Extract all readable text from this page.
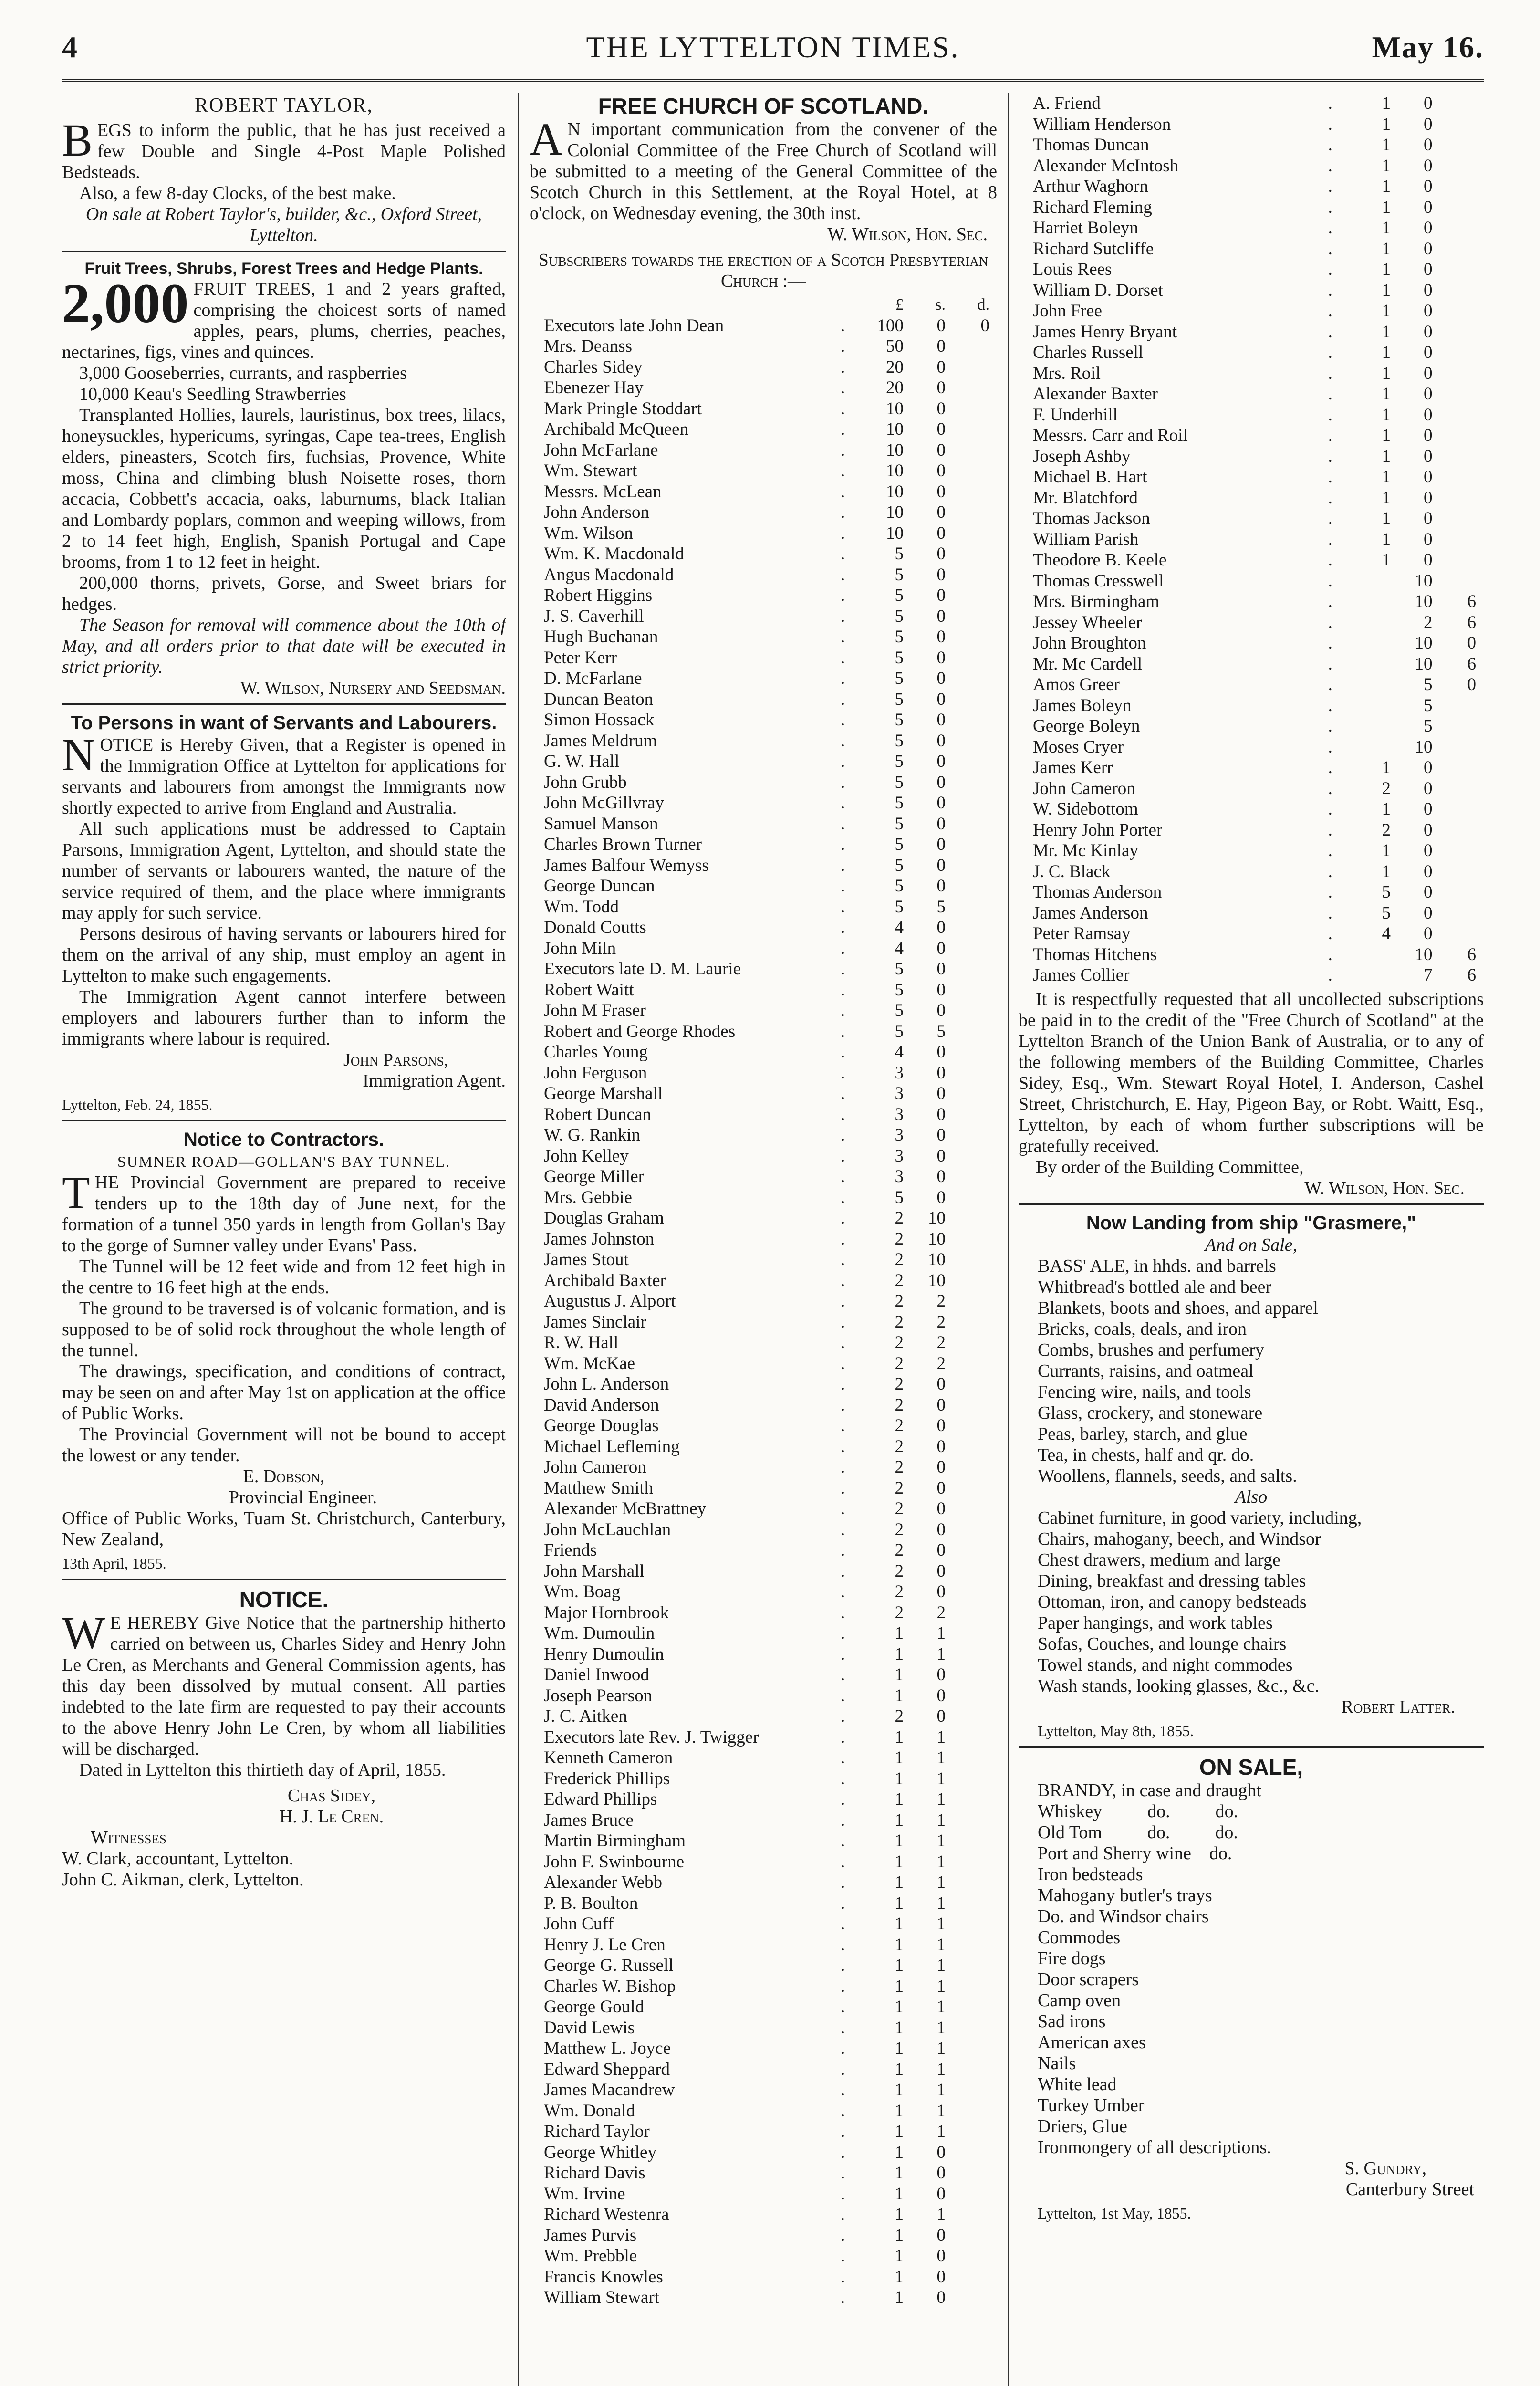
4	THE LYTTELTON TIMES.	May 16.
ROBERT TAYLOR,

BEGS to inform the public, that he has just received a few Double and Single 4-Post Maple Polished Bedsteads.

Also, a few 8-day Clocks, of the best make.

On sale at Robert Taylor's, builder, &c., Oxford Street, Lyttelton.

Fruit Trees, Shrubs, Forest Trees and Hedge Plants.

2,000 FRUIT TREES, 1 and 2 years grafted, comprising the choicest sorts of named apples, pears, plums, cherries, peaches, nectarines, figs, vines and quinces.

3,000 Gooseberries, currants, and raspberries

10,000 Keau's Seedling Strawberries

Transplanted Hollies, laurels, lauristinus, box trees, lilacs, honeysuckles, hypericums, syringas, Cape tea-trees, English elders, pineasters, Scotch firs, fuchsias, Provence, White moss, China and climbing blush Noisette roses, thorn accacia, Cobbett's accacia, oaks, laburnums, black Italian and Lombardy poplars, common and weeping willows, from 2 to 14 feet high, English, Spanish Portugal and Cape brooms, from 1 to 12 feet in height.

200,000 thorns, privets, Gorse, and Sweet briars for hedges.

The Season for removal will commence about the 10th of May, and all orders prior to that date will be executed in strict priority.

W. Wilson, Nursery and Seedsman.

To Persons in want of Servants and Labourers.

NOTICE is Hereby Given, that a Register is opened in the Immigration Office at Lyttelton for applications for servants and labourers from amongst the Immigrants now shortly expected to arrive from England and Australia.

All such applications must be addressed to Captain Parsons, Immigration Agent, Lyttelton, and should state the number of servants or labourers wanted, the nature of the service required of them, and the place where immigrants may apply for such service.

Persons desirous of having servants or labourers hired for them on the arrival of any ship, must employ an agent in Lyttelton to make such engagements.

The Immigration Agent cannot interfere between employers and labourers further than to inform the immigrants where labour is required.

John Parsons,

Immigration Agent.

Lyttelton, Feb. 24, 1855.
Notice to Contractors.
SUMNER ROAD—GOLLAN'S BAY TUNNEL.

THE Provincial Government are prepared to receive tenders up to the 18th day of June next, for the formation of a tunnel 350 yards in length from Gollan's Bay to the gorge of Sumner valley under Evans' Pass.

The Tunnel will be 12 feet wide and from 12 feet high in the centre to 16 feet high at the ends.

The ground to be traversed is of volcanic formation, and is supposed to be of solid rock throughout the whole length of the tunnel.

The drawings, specification, and conditions of contract, may be seen on and after May 1st on application at the office of Public Works.

The Provincial Government will not be bound to accept the lowest or any tender.

E. Dobson,

Provincial Engineer.

Office of Public Works, Tuam St. Christchurch, Canterbury, New Zealand,

13th April, 1855.
NOTICE.

WE HEREBY Give Notice that the partnership hitherto carried on between us, Charles Sidey and Henry John Le Cren, as Merchants and General Commission agents, has this day been dissolved by mutual consent. All parties indebted to the late firm are requested to pay their accounts to the above Henry John Le Cren, by whom all liabilities will be discharged.

Dated in Lyttelton this thirtieth day of April, 1855.

Chas Sidey,

H. J. Le Cren.

Witnesses

W. Clark, accountant, Lyttelton.

John C. Aikman, clerk, Lyttelton.

FREE CHURCH OF SCOTLAND.

AN important communication from the convener of the Colonial Committee of the Free Church of Scotland will be submitted to a meeting of the General Committee of the Scotch Church in this Settlement, at the Royal Hotel, at 8 o'clock, on Wednesday evening, the 30th inst.

W. Wilson, Hon. Sec.

Subscribers towards the erection of a Scotch Presbyterian Church :—
		£	s.	d.
Executors late John Dean	.	100	0	0
Mrs. Deanss	.	50	0	
Charles Sidey	.	20	0	
Ebenezer Hay	.	20	0	
Mark Pringle Stoddart	.	10	0	
Archibald McQueen	.	10	0	
John McFarlane	.	10	0	
Wm. Stewart	.	10	0	
Messrs. McLean	.	10	0	
John Anderson	.	10	0	
Wm. Wilson	.	10	0	
Wm. K. Macdonald	.	5	0	
Angus Macdonald	.	5	0	
Robert Higgins	.	5	0	
J. S. Caverhill	.	5	0	
Hugh Buchanan	.	5	0	
Peter Kerr	.	5	0	
D. McFarlane	.	5	0	
Duncan Beaton	.	5	0	
Simon Hossack	.	5	0	
James Meldrum	.	5	0	
G. W. Hall	.	5	0	
John Grubb	.	5	0	
John McGillvray	.	5	0	
Samuel Manson	.	5	0	
Charles Brown Turner	.	5	0	
James Balfour Wemyss	.	5	0	
George Duncan	.	5	0	
Wm. Todd	.	5	5	
Donald Coutts	.	4	0	
John Miln	.	4	0	
Executors late D. M. Laurie	.	5	0	
Robert Waitt	.	5	0	
John M Fraser	.	5	0	
Robert and George Rhodes	.	5	5	
Charles Young	.	4	0	
John Ferguson	.	3	0	
George Marshall	.	3	0	
Robert Duncan	.	3	0	
W. G. Rankin	.	3	0	
John Kelley	.	3	0	
George Miller	.	3	0	
Mrs. Gebbie	.	5	0	
Douglas Graham	.	2	10	
James Johnston	.	2	10	
James Stout	.	2	10	
Archibald Baxter	.	2	10	
Augustus J. Alport	.	2	2	
James Sinclair	.	2	2	
R. W. Hall	.	2	2	
Wm. McKae	.	2	2	
John L. Anderson	.	2	0	
David Anderson	.	2	0	
George Douglas	.	2	0	
Michael Lefleming	.	2	0	
John Cameron	.	2	0	
Matthew Smith	.	2	0	
Alexander McBrattney	.	2	0	
John McLauchlan	.	2	0	
Friends	.	2	0	
John Marshall	.	2	0	
Wm. Boag	.	2	0	
Major Hornbrook	.	2	2	
Wm. Dumoulin	.	1	1	
Henry Dumoulin	.	1	1	
Daniel Inwood	.	1	0	
Joseph Pearson	.	1	0	
J. C. Aitken	.	2	0	
Executors late Rev. J. Twigger	.	1	1	
Kenneth Cameron	.	1	1	
Frederick Phillips	.	1	1	
Edward Phillips	.	1	1	
James Bruce	.	1	1	
Martin Birmingham	.	1	1	
John F. Swinbourne	.	1	1	
Alexander Webb	.	1	1	
P. B. Boulton	.	1	1	
John Cuff	.	1	1	
Henry J. Le Cren	.	1	1	
George G. Russell	.	1	1	
Charles W. Bishop	.	1	1	
George Gould	.	1	1	
David Lewis	.	1	1	
Matthew L. Joyce	.	1	1	
Edward Sheppard	.	1	1	
James Macandrew	.	1	1	
Wm. Donald	.	1	1	
Richard Taylor	.	1	1	
George Whitley	.	1	0	
Richard Davis	.	1	0	
Wm. Irvine	.	1	0	
Richard Westenra	.	1	1	
James Purvis	.	1	0	
Wm. Prebble	.	1	0	
Francis Knowles	.	1	0	
William Stewart	.	1	0	
A. Friend	.	1	0	
William Henderson	.	1	0	
Thomas Duncan	.	1	0	
Alexander McIntosh	.	1	0	
Arthur Waghorn	.	1	0	
Richard Fleming	.	1	0	
Harriet Boleyn	.	1	0	
Richard Sutcliffe	.	1	0	
Louis Rees	.	1	0	
William D. Dorset	.	1	0	
John Free	.	1	0	
James Henry Bryant	.	1	0	
Charles Russell	.	1	0	
Mrs. Roil	.	1	0	
Alexander Baxter	.	1	0	
F. Underhill	.	1	0	
Messrs. Carr and Roil	.	1	0	
Joseph Ashby	.	1	0	
Michael B. Hart	.	1	0	
Mr. Blatchford	.	1	0	
Thomas Jackson	.	1	0	
William Parish	.	1	0	
Theodore B. Keele	.	1	0	
Thomas Cresswell	.		10	
Mrs. Birmingham	.		10	6
Jessey Wheeler	.		2	6
John Broughton	.		10	0
Mr. Mc Cardell	.		10	6
Amos Greer	.		5	0
James Boleyn	.		5	
George Boleyn	.		5	
Moses Cryer	.		10	
James Kerr	.	1	0	
John Cameron	.	2	0	
W. Sidebottom	.	1	0	
Henry John Porter	.	2	0	
Mr. Mc Kinlay	.	1	0	
J. C. Black	.	1	0	
Thomas Anderson	.	5	0	
James Anderson	.	5	0	
Peter Ramsay	.	4	0	
Thomas Hitchens	.		10	6
James Collier	.		7	6

It is respectfully requested that all uncollected subscriptions be paid in to the credit of the "Free Church of Scotland" at the Lyttelton Branch of the Union Bank of Australia, or to any of the following members of the Building Committee, Charles Sidey, Esq., Wm. Stewart Royal Hotel, I. Anderson, Cashel Street, Christchurch, E. Hay, Pigeon Bay, or Robt. Waitt, Esq., Lyttelton, by each of whom further subscriptions will be gratefully received.

By order of the Building Committee,

W. Wilson, Hon. Sec.

Now Landing from ship "Grasmere,"
And on Sale,
BASS' ALE, in hhds. and barrels
Whitbread's bottled ale and beer
Blankets, boots and shoes, and apparel
Bricks, coals, deals, and iron
Combs, brushes and perfumery
Currants, raisins, and oatmeal
Fencing wire, nails, and tools
Glass, crockery, and stoneware
Peas, barley, starch, and glue
Tea, in chests, half and qr. do.
Woollens, flannels, seeds, and salts.
Also
Cabinet furniture, in good variety, including,
Chairs, mahogany, beech, and Windsor
Chest drawers, medium and large
Dining, breakfast and dressing tables
Ottoman, iron, and canopy bedsteads
Paper hangings, and work tables
Sofas, Couches, and lounge chairs
Towel stands, and night commodes
Wash stands, looking glasses, &c., &c.

Robert Latter.

Lyttelton, May 8th, 1855.
ON SALE,
BRANDY, in case and draught
Whiskey          do.          do.
Old Tom          do.          do.
Port and Sherry wine    do.
Iron bedsteads
Mahogany butler's trays
Do. and Windsor chairs
Commodes
Fire dogs
Door scrapers
Camp oven
Sad irons
American axes
Nails
White lead
Turkey Umber
Driers, Glue
Ironmongery of all descriptions.

S. Gundry,

Canterbury Street

Lyttelton, 1st May, 1855.
